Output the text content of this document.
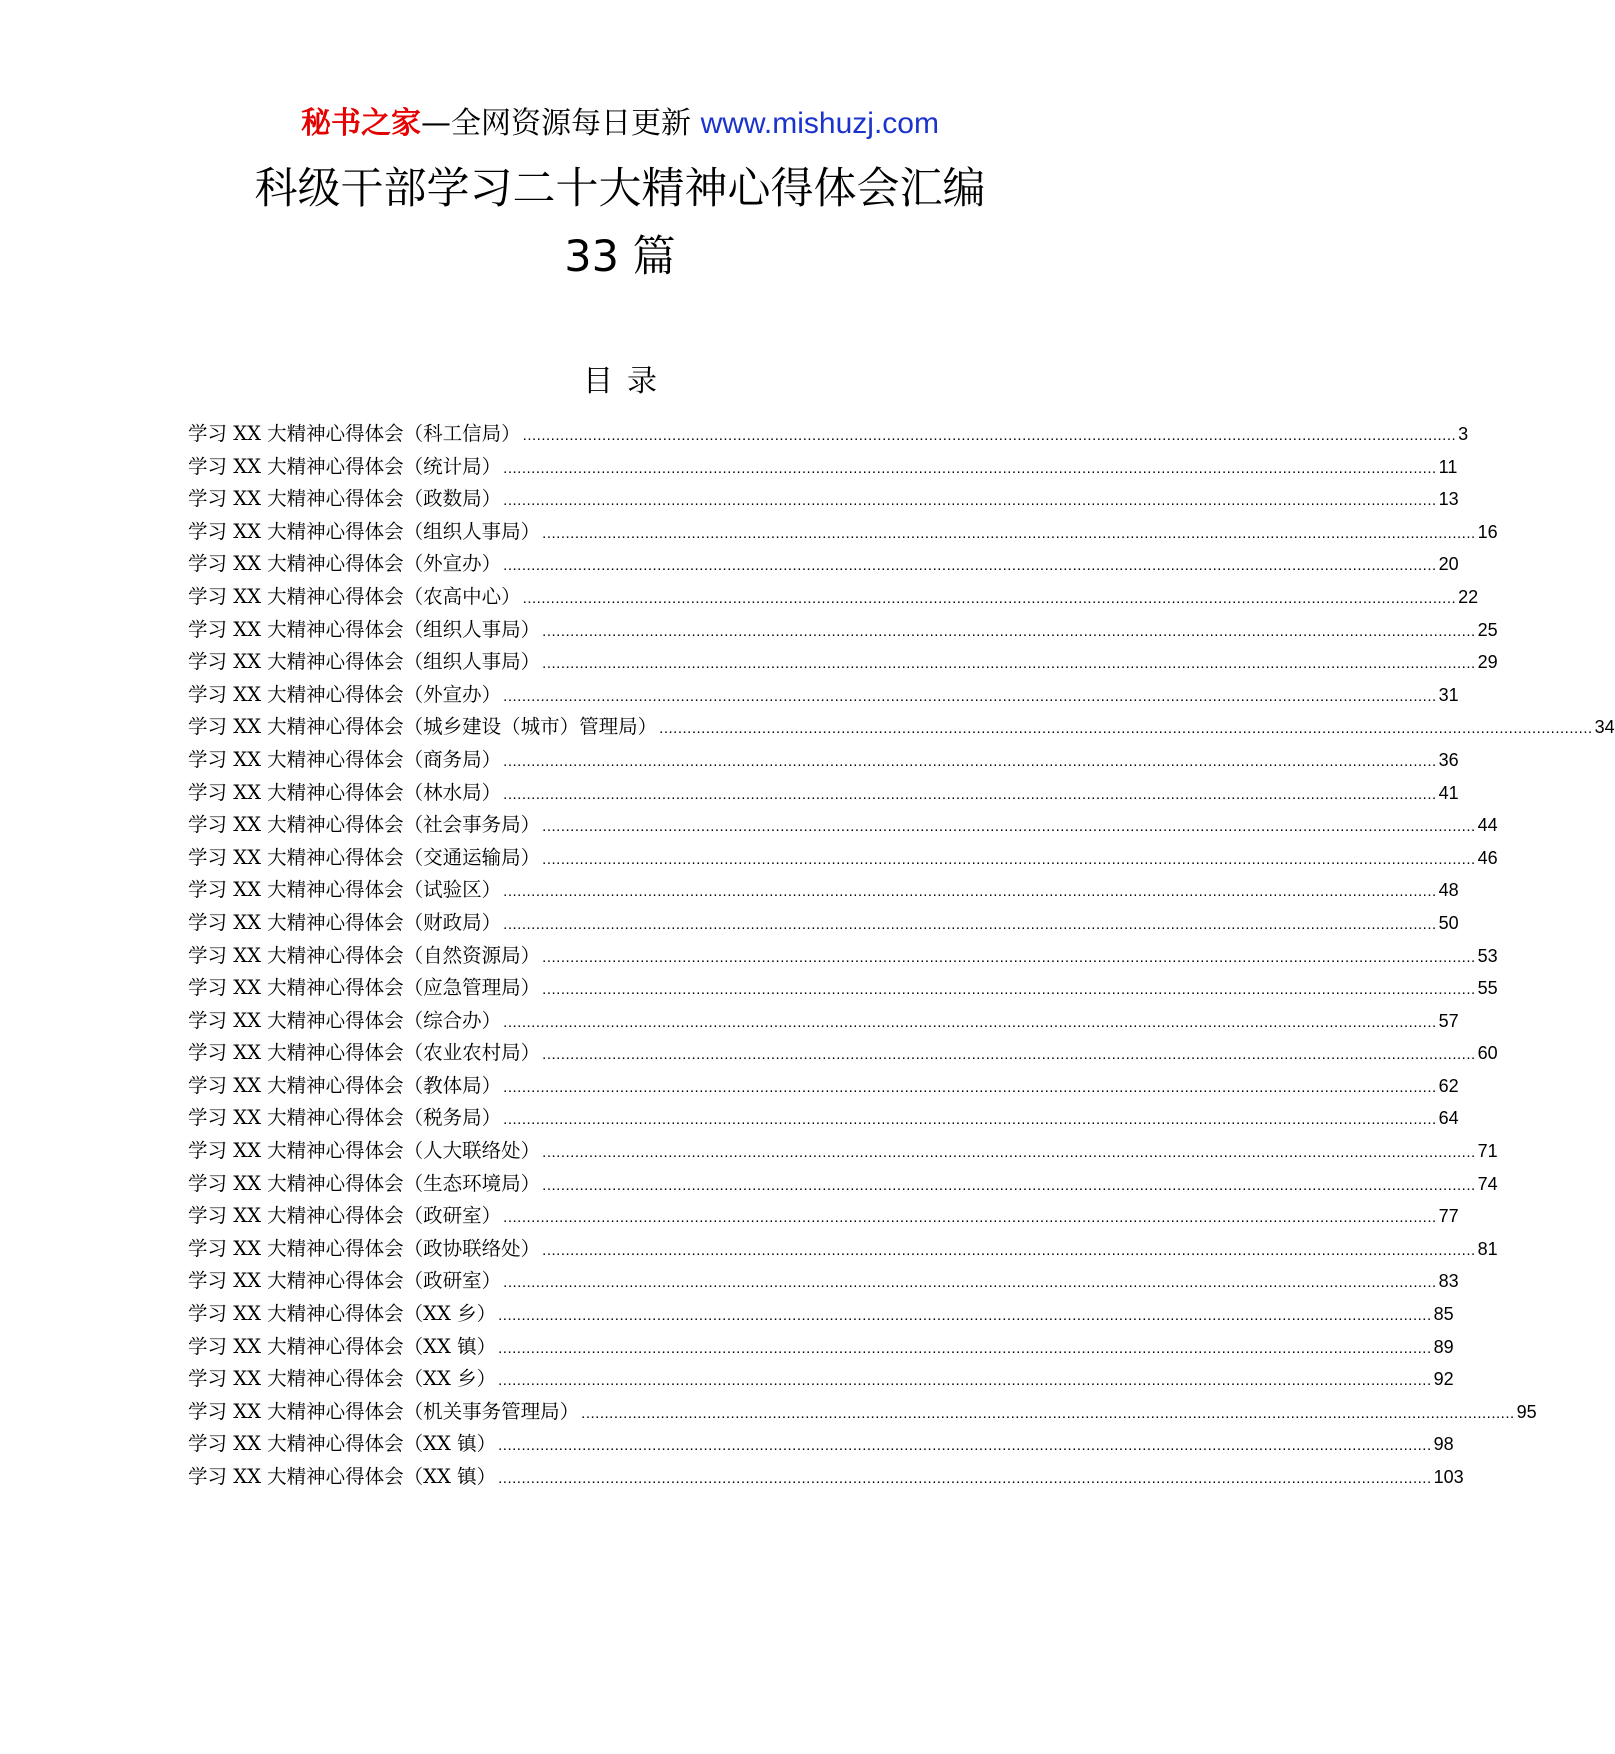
秘书之家—全网资源每日更新 www.mishuzj.com
科级干部学习二十大精神心得体会汇编
33 篇
目录
学习 XX 大精神心得体会（科工信局） ........................................................................................................................................................................................................ 3
学习 XX 大精神心得体会（统计局） ........................................................................................................................................................................................................ 11
学习 XX 大精神心得体会（政数局） ........................................................................................................................................................................................................ 13
学习 XX 大精神心得体会（组织人事局） ........................................................................................................................................................................................................ 16
学习 XX 大精神心得体会（外宣办） ........................................................................................................................................................................................................ 20
学习 XX 大精神心得体会（农高中心） ........................................................................................................................................................................................................ 22
学习 XX 大精神心得体会（组织人事局） ........................................................................................................................................................................................................ 25
学习 XX 大精神心得体会（组织人事局） ........................................................................................................................................................................................................ 29
学习 XX 大精神心得体会（外宣办） ........................................................................................................................................................................................................ 31
学习 XX 大精神心得体会（城乡建设（城市）管理局） ........................................................................................................................................................................................................ 34
学习 XX 大精神心得体会（商务局） ........................................................................................................................................................................................................ 36
学习 XX 大精神心得体会（林水局） ........................................................................................................................................................................................................ 41
学习 XX 大精神心得体会（社会事务局） ........................................................................................................................................................................................................ 44
学习 XX 大精神心得体会（交通运输局） ........................................................................................................................................................................................................ 46
学习 XX 大精神心得体会（试验区） ........................................................................................................................................................................................................ 48
学习 XX 大精神心得体会（财政局） ........................................................................................................................................................................................................ 50
学习 XX 大精神心得体会（自然资源局） ........................................................................................................................................................................................................ 53
学习 XX 大精神心得体会（应急管理局） ........................................................................................................................................................................................................ 55
学习 XX 大精神心得体会（综合办） ........................................................................................................................................................................................................ 57
学习 XX 大精神心得体会（农业农村局） ........................................................................................................................................................................................................ 60
学习 XX 大精神心得体会（教体局） ........................................................................................................................................................................................................ 62
学习 XX 大精神心得体会（税务局） ........................................................................................................................................................................................................ 64
学习 XX 大精神心得体会（人大联络处） ........................................................................................................................................................................................................ 71
学习 XX 大精神心得体会（生态环境局） ........................................................................................................................................................................................................ 74
学习 XX 大精神心得体会（政研室） ........................................................................................................................................................................................................ 77
学习 XX 大精神心得体会（政协联络处） ........................................................................................................................................................................................................ 81
学习 XX 大精神心得体会（政研室） ........................................................................................................................................................................................................ 83
学习 XX 大精神心得体会（XX 乡） ........................................................................................................................................................................................................ 85
学习 XX 大精神心得体会（XX 镇） ........................................................................................................................................................................................................ 89
学习 XX 大精神心得体会（XX 乡） ........................................................................................................................................................................................................ 92
学习 XX 大精神心得体会（机关事务管理局） ........................................................................................................................................................................................................ 95
学习 XX 大精神心得体会（XX 镇） ........................................................................................................................................................................................................ 98
学习 XX 大精神心得体会（XX 镇） ........................................................................................................................................................................................................ 103
